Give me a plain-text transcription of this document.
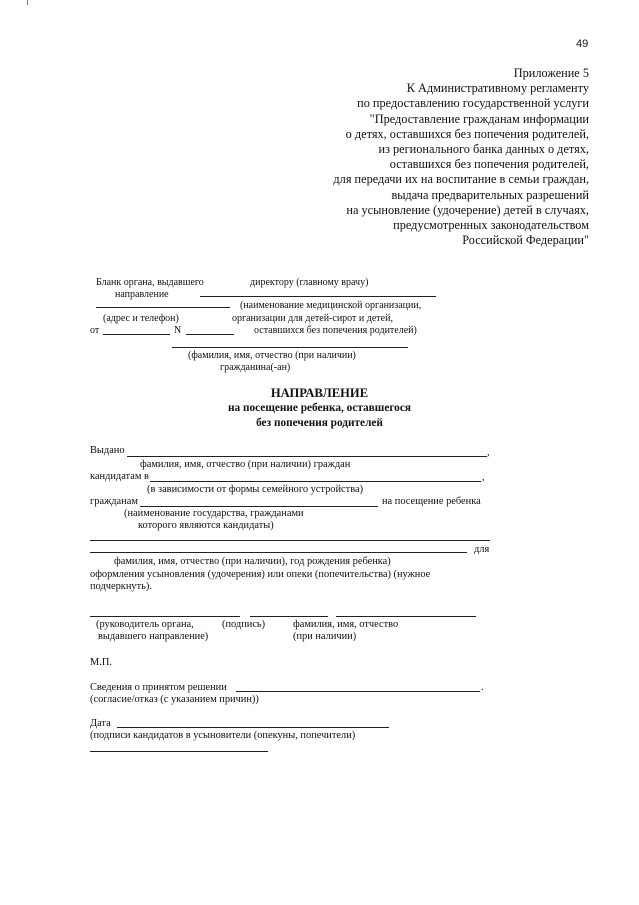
49
Приложение 5
К Административному регламенту
по предоставлению государственной услуги
"Предоставление гражданам информации
о детях, оставшихся без попечения родителей,
из регионального банка данных о детях,
оставшихся без попечения родителей,
для передачи их на воспитание в семьи граждан,
выдача предварительных разрешений
на усыновление (удочерение) детей в случаях,
предусмотренных законодательством
Российской Федерации"
Бланк органа, выдавшего
направление
директору (главному врачу)
(наименование медицинской организации,
(адрес и телефон)	организации для детей-сирот и детей,
от	N	оставшихся без попечения родителей)
(фамилия, имя, отчество (при наличии)
гражданина(-ан)
НАПРАВЛЕНИЕ
на посещение ребенка, оставшегося
без попечения родителей
Выдано	,
фамилия, имя, отчество (при наличии) граждан
кандидатам в	,
(в зависимости от формы семейного устройства)
гражданам	на посещение ребенка
(наименование государства, гражданами
которого являются кандидаты)
для
фамилия, имя, отчество (при наличии), год рождения ребенка)
оформления усыновления (удочерения) или опеки (попечительства) (нужное
подчеркнуть).
(руководитель органа,
выдавшего направление)
(подпись)	фамилия, имя, отчество
(при наличии)
М.П.
Сведения о принятом решении	.
(согласие/отказ (с указанием причин))
Дата
(подписи кандидатов в усыновители (опекуны, попечители)
